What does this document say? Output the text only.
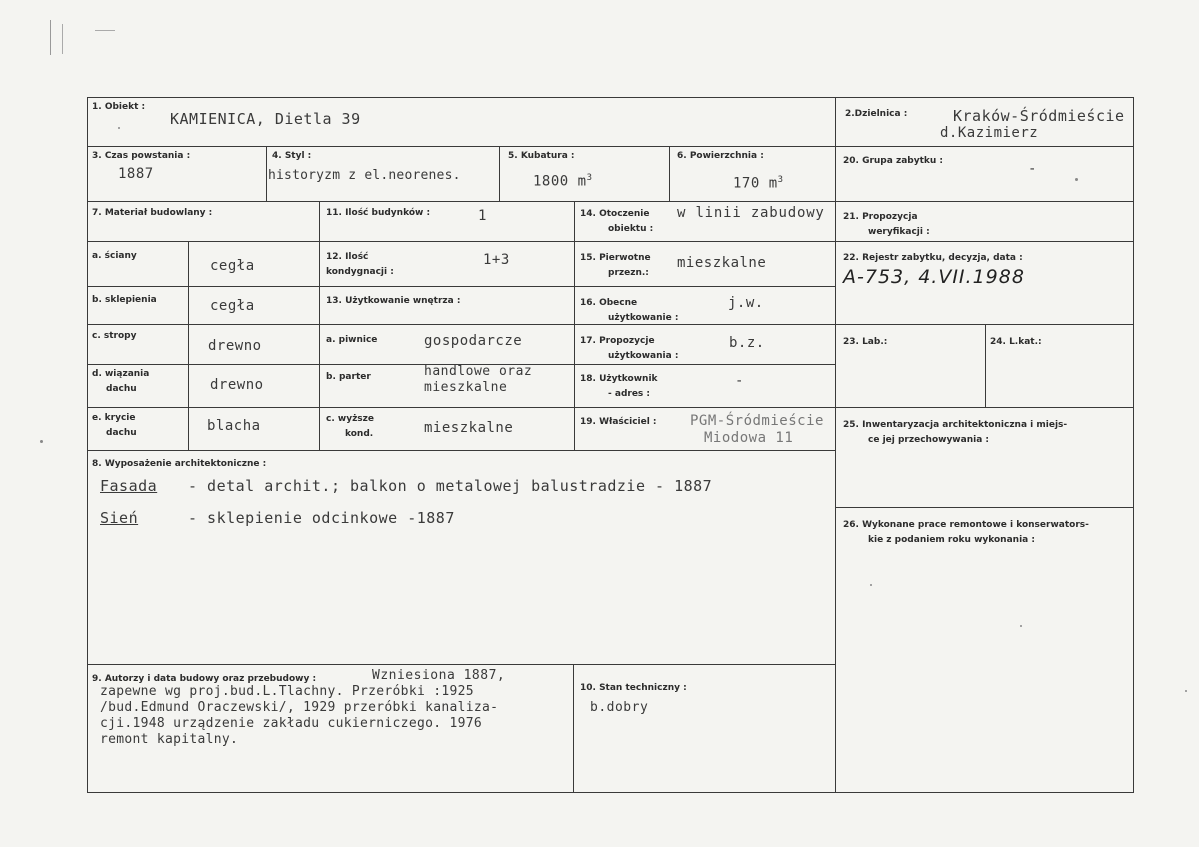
1. Obiekt :
KAMIENICA, Dietla 39	2.Dzielnica :	Kraków-Śródmieście
d.Kazimierz
3. Czas powstania :
1887
4. Styl :
historyzm z el.neorenes.
5. Kubatura :
1800 $m^3$
6. Powierzchnia :
170 $m^3$
20. Grupa zabytku :	-
7. Materiał budowlany :
a. ściany
cegła
b. sklepienia	cegła
c. stropy
drewno
d. wiązania
dachu	drewno
e. krycie
dachu	blacha
11. Ilość budynków :	1
12. Ilość
kondygnacji :
1+3
13. Użytkowanie wnętrza :
a. piwnice	gospodarcze
b. parter	handlowe oraz
mieszkalne
c. wyższe
kond.	mieszkalne
14. Otoczenie
obiektu :
w linii zabudowy
15. Pierwotne
przezn.:
mieszkalne
16. Obecne
użytkowanie :
j.w.
17. Propozycje
użytkowania :
b.z.
18. Użytkownik
- adres :
-
19. Właściciel : PGM-Śródmieście
Miodowa 11
21. Propozycja
weryfikacji :
22. Rejestr zabytku, decyzja, data :
A-753, 4.VII.1988
23. Lab.:	24. L.kat.:
25. Inwentaryzacja architektoniczna i miejs-
ce jej przechowywania :
26. Wykonane prace remontowe i konserwators-
kie z podaniem roku wykonania :
8. Wyposażenie architektoniczne :
Fasada - detal archit.; balkon o metalowej balustradzie - 1887
Sień	- sklepienie odcinkowe -1887
9. Autorzy i data budowy oraz przebudowy :	Wzniesiona 1887,
zapewne wg proj.bud.L.Tlachny. Przeróbki :1925
/bud.Edmund Oraczewski/, 1929 przeróbki kanaliza-
cji.1948 urządzenie zakładu cukierniczego. 1976
remont kapitalny.
10. Stan techniczny :
b.dobry
